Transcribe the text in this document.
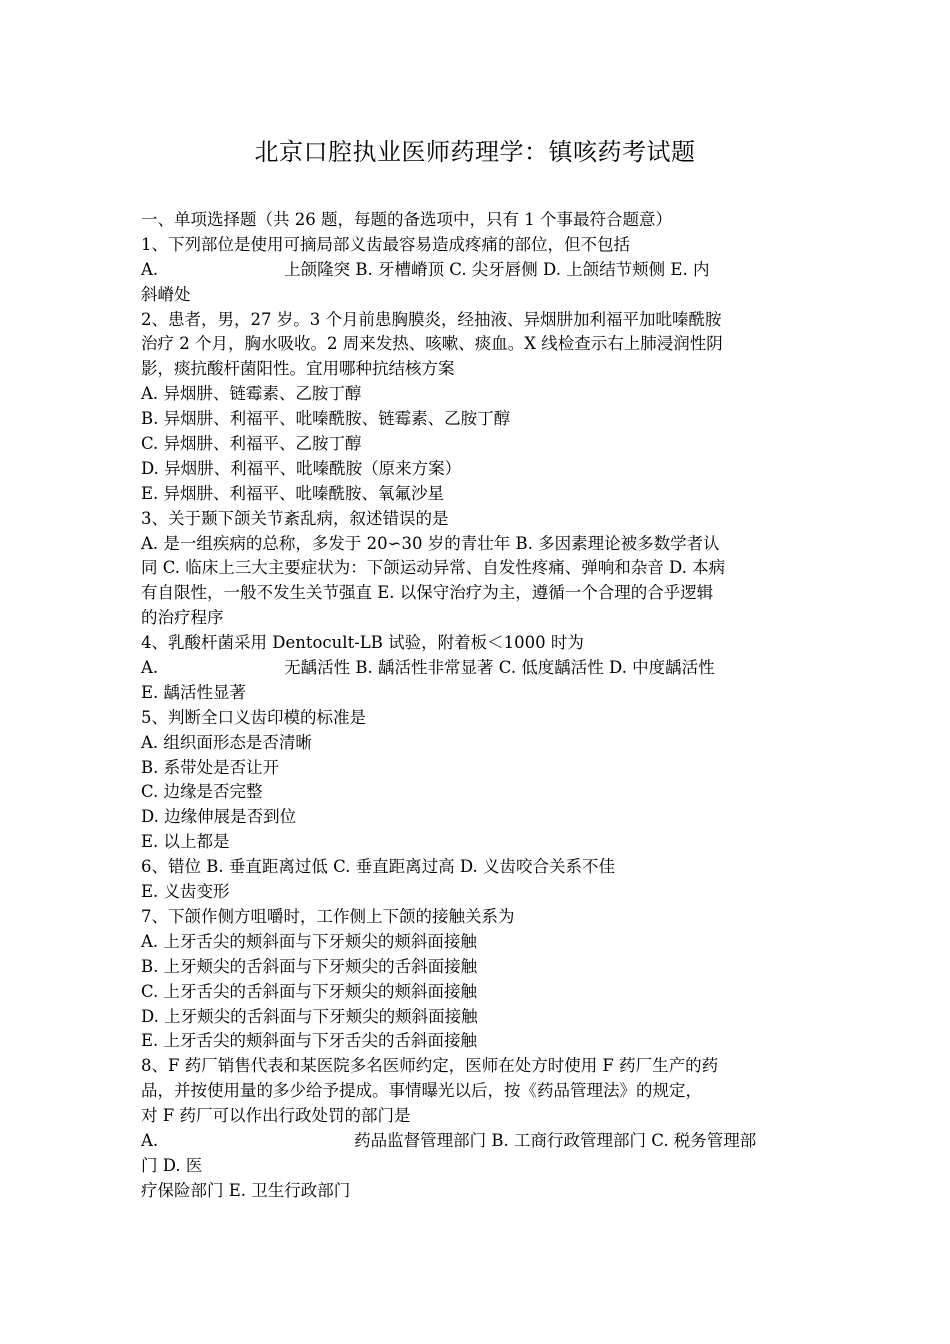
北京口腔执业医师药理学：镇咳药考试题
一、单项选择题（共 26 题，每题的备选项中，只有 1 个事最符合题意）
1、下列部位是使用可摘局部义齿最容易造成疼痛的部位，但不包括
A.	上颌隆突 B. 牙槽嵴顶 C. 尖牙唇侧 D. 上颌结节颊侧 E. 内
斜嵴处
2、患者，男，27 岁。3 个月前患胸膜炎，经抽液、异烟肼加利福平加吡嗪酰胺
治疗 2 个月，胸水吸收。2 周来发热、咳嗽、痰血。X 线检查示右上肺浸润性阴
影，痰抗酸杆菌阳性。宜用哪种抗结核方案
A. 异烟肼、链霉素、乙胺丁醇
B. 异烟肼、利福平、吡嗪酰胺、链霉素、乙胺丁醇
C. 异烟肼、利福平、乙胺丁醇
D. 异烟肼、利福平、吡嗪酰胺（原来方案）
E. 异烟肼、利福平、吡嗪酰胺、氧氟沙星
3、关于颞下颌关节紊乱病，叙述错误的是
A. 是一组疾病的总称，多发于 20∽30 岁的青壮年 B. 多因素理论被多数学者认
同 C. 临床上三大主要症状为：下颌运动异常、自发性疼痛、弹响和杂音 D. 本病
有自限性，一般不发生关节强直 E. 以保守治疗为主，遵循一个合理的合乎逻辑
的治疗程序
4、乳酸杆菌采用 Dentocult-LB 试验，附着板＜1000 时为
A.	无龋活性 B. 龋活性非常显著 C. 低度龋活性 D. 中度龋活性
E. 龋活性显著
5、判断全口义齿印模的标准是
A. 组织面形态是否清晰
B. 系带处是否让开
C. 边缘是否完整
D. 边缘伸展是否到位
E. 以上都是
6、错位 B. 垂直距离过低 C. 垂直距离过高 D. 义齿咬合关系不佳
E. 义齿变形
7、下颌作侧方咀嚼时，工作侧上下颌的接触关系为
A. 上牙舌尖的颊斜面与下牙颊尖的颊斜面接触
B. 上牙颊尖的舌斜面与下牙颊尖的舌斜面接触
C. 上牙舌尖的舌斜面与下牙颊尖的颊斜面接触
D. 上牙颊尖的舌斜面与下牙颊尖的颊斜面接触
E. 上牙舌尖的颊斜面与下牙舌尖的舌斜面接触
8、F 药厂销售代表和某医院多名医师约定，医师在处方时使用 F 药厂生产的药
品，并按使用量的多少给予提成。事情曝光以后，按《药品管理法》的规定，
对 F 药厂可以作出行政处罚的部门是
A.	药品监督管理部门 B. 工商行政管理部门 C. 税务管理部
门 D. 医
疗保险部门 E. 卫生行政部门
